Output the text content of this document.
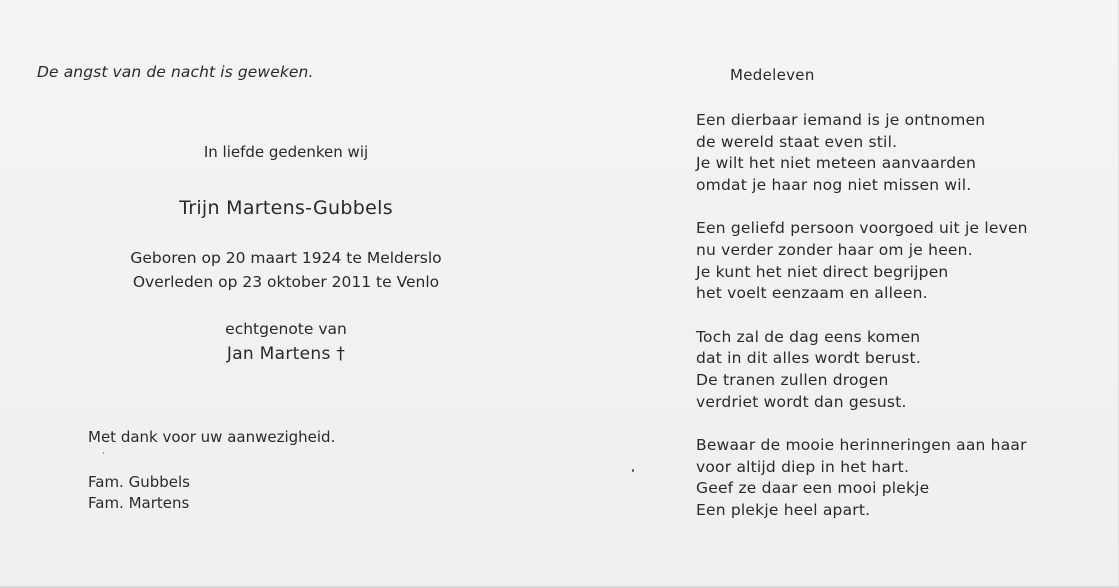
De angst van de nacht is geweken.
In liefde gedenken wij
Trijn Martens-Gubbels
Geboren op 20 maart 1924 te Melderslo
Overleden op 23 oktober 2011 te Venlo
echtgenote van
Jan Martens †
Met dank voor uw aanwezigheid.
Fam. Gubbels
Fam. Martens
Medeleven
Een dierbaar iemand is je ontnomen
de wereld staat even stil.
Je wilt het niet meteen aanvaarden
omdat je haar nog niet missen wil.
Een geliefd persoon voorgoed uit je leven
nu verder zonder haar om je heen.
Je kunt het niet direct begrijpen
het voelt eenzaam en alleen.
Toch zal de dag eens komen
dat in dit alles wordt berust.
De tranen zullen drogen
verdriet wordt dan gesust.
Bewaar de mooie herinneringen aan haar
voor altijd diep in het hart.
Geef ze daar een mooi plekje
Een plekje heel apart.
